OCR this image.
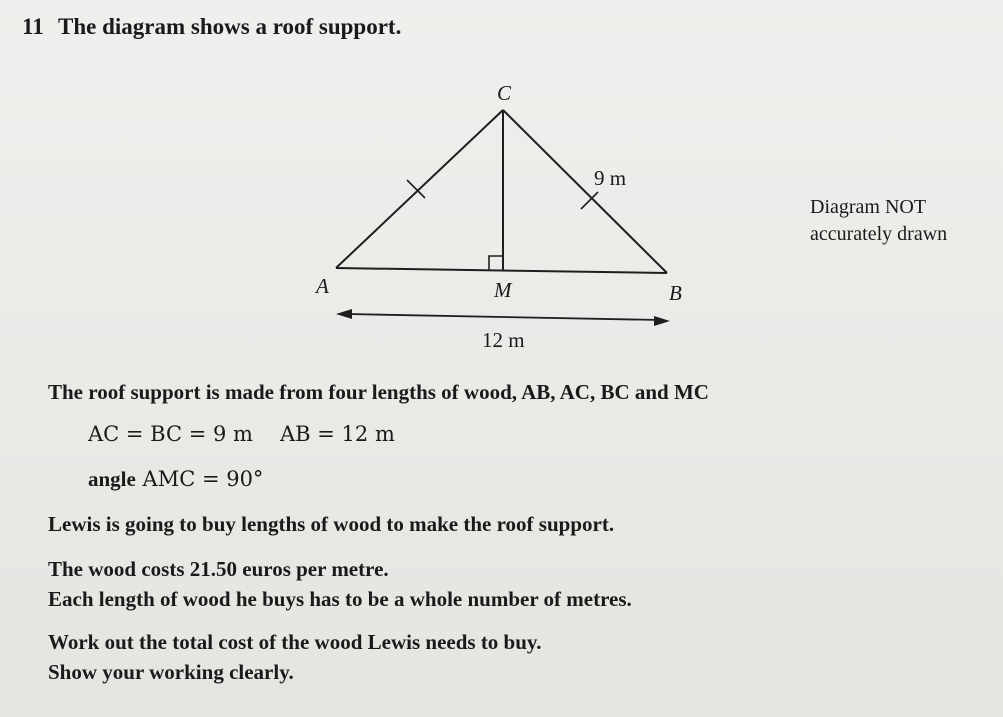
11 The diagram shows a roof support.
C
A	M	B
9 m
12 m
Diagram NOT
accurately drawn
The roof support is made from four lengths of wood, AB, AC, BC and MC
AC = BC = 9 m AB = 12 m
angle AMC = 90°
Lewis is going to buy lengths of wood to make the roof support.
The wood costs 21.50 euros per metre.
Each length of wood he buys has to be a whole number of metres.
Work out the total cost of the wood Lewis needs to buy.
Show your working clearly.
